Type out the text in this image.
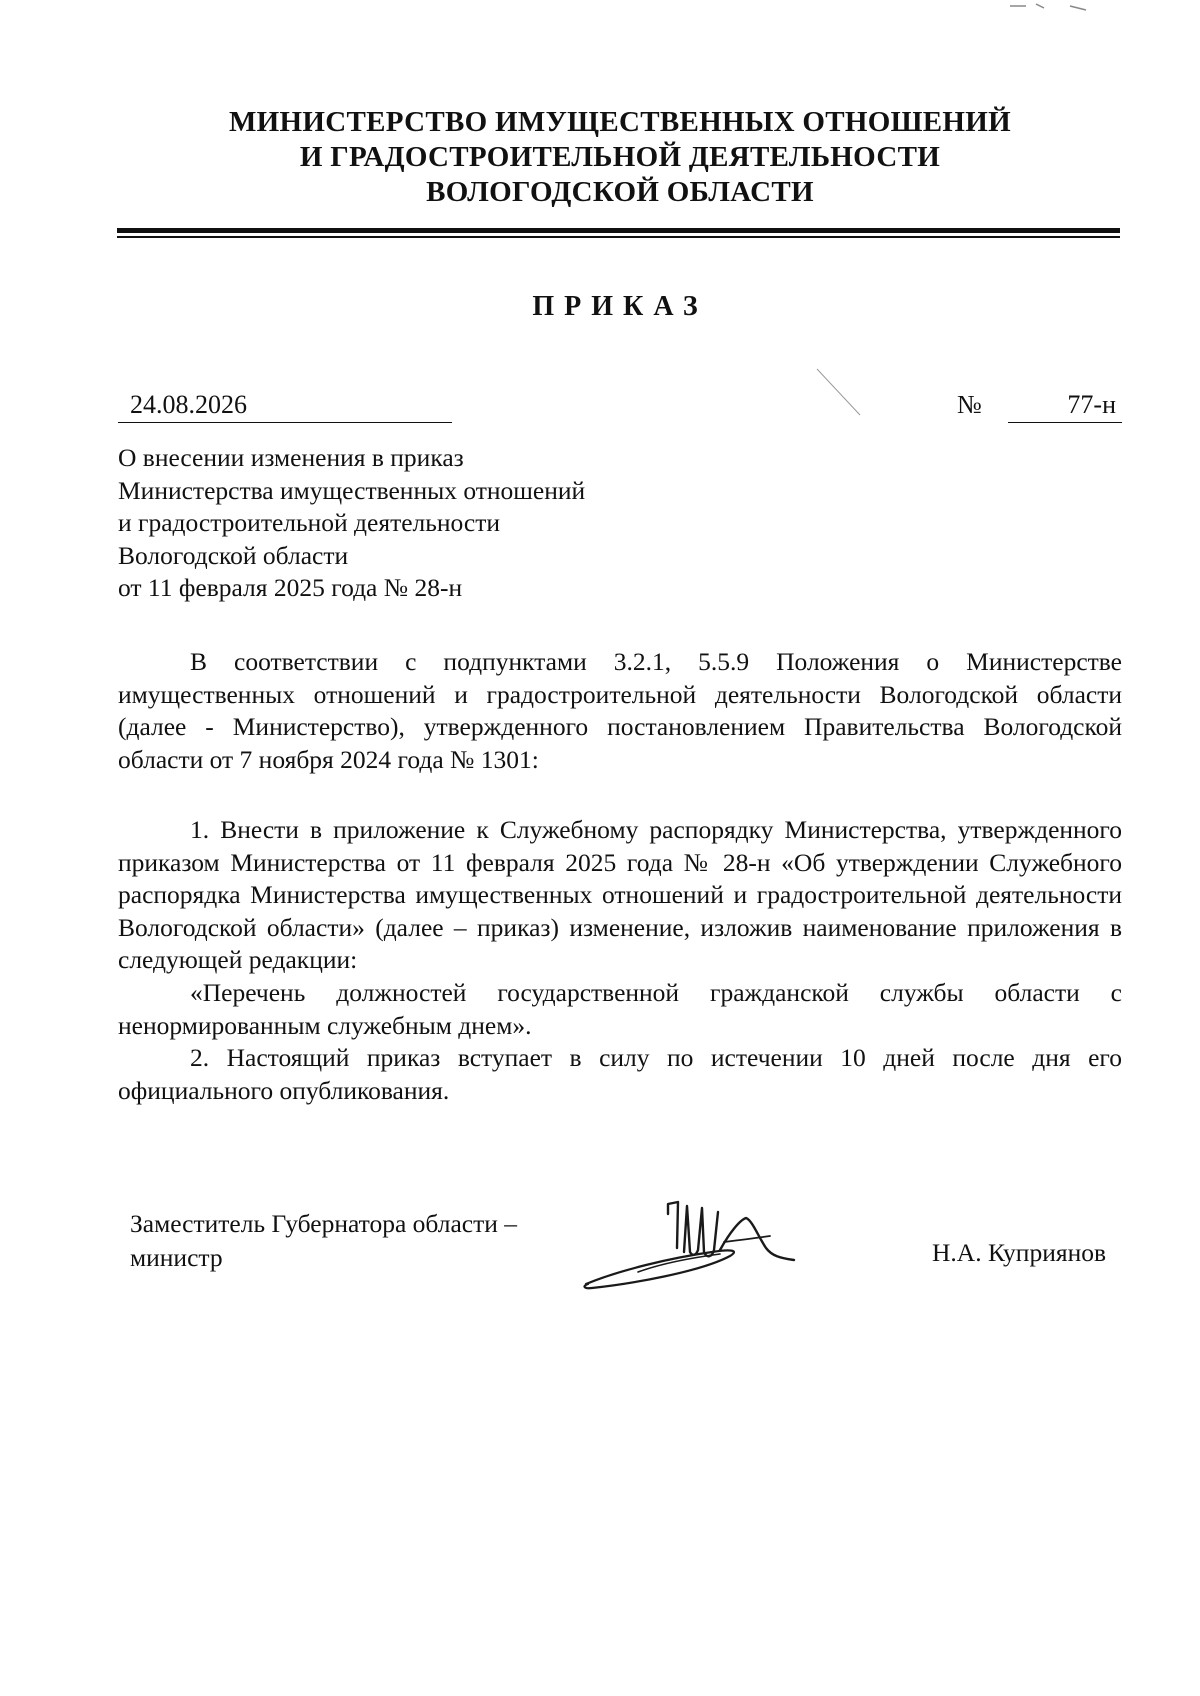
МИНИСТЕРСТВО ИМУЩЕСТВЕННЫХ ОТНОШЕНИЙ
И ГРАДОСТРОИТЕЛЬНОЙ ДЕЯТЕЛЬНОСТИ
ВОЛОГОДСКОЙ ОБЛАСТИ
ПРИКАЗ
24.08.2026	№	77-н
О внесении изменения в приказ
Министерства имущественных отношений
и градостроительной деятельности
Вологодской области
от 11 февраля 2025 года № 28-н
В соответствии с подпунктами 3.2.1, 5.5.9 Положения о Министерстве имущественных отношений и градостроительной деятельности Вологодской области (далее - Министерство), утвержденного постановлением Правительства Вологодской области от 7 ноября 2024 года № 1301:
1. Внести в приложение к Служебному распорядку Министерства, утвержденного приказом Министерства от 11 февраля 2025 года № 28-н «Об утверждении Служебного распорядка Министерства имущественных отношений и градостроительной деятельности Вологодской области» (далее – приказ) изменение, изложив наименование приложения в следующей редакции:
«Перечень должностей государственной гражданской службы области с ненормированным служебным днем».
2. Настоящий приказ вступает в силу по истечении 10 дней после дня его официального опубликования.
Заместитель Губернатора области –
министр	Н.А. Куприянов
